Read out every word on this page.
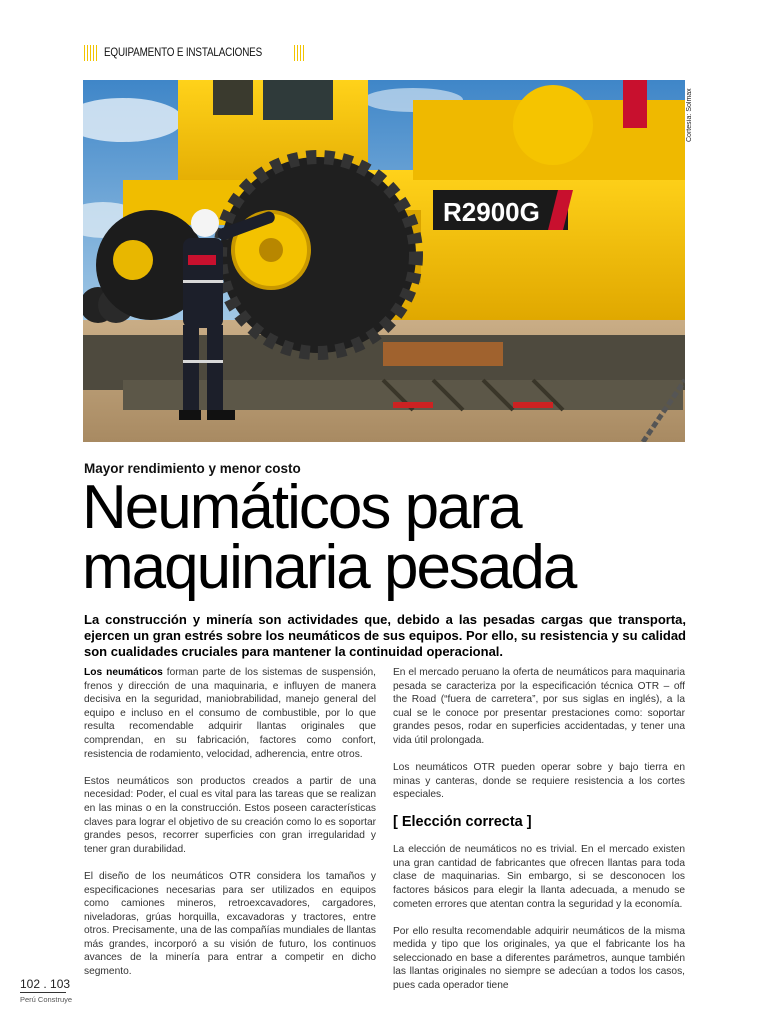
EQUIPAMENTO E INSTALACIONES
R2900G
Cortesía: Solmax
Mayor rendimiento y menor costo
Neumáticos para
maquinaria pesada
La construcción y minería son actividades que, debido a las pesadas cargas que transporta, ejercen un gran estrés sobre los neumáticos de sus equipos. Por ello, su resistencia y su calidad son cualidades cruciales para mantener la continuidad operacional.

Los neumáticos forman parte de los sistemas de suspensión, frenos y dirección de una maquinaria, e influyen de manera decisiva en la seguridad, maniobrabilidad, manejo general del equipo e incluso en el consumo de combustible, por lo que resulta recomendable adquirir llantas originales que comprendan, en su fabricación, factores como confort, resistencia de rodamiento, velocidad, adherencia, entre otros.

Estos neumáticos son productos creados a partir de una necesidad: Poder, el cual es vital para las tareas que se realizan en las minas o en la construcción. Estos poseen características claves para lograr el objetivo de su creación como lo es soportar grandes pesos, recorrer superficies con gran irregularidad y tener gran durabilidad.

El diseño de los neumáticos OTR considera los tamaños y especificaciones necesarias para ser utilizados en equipos como camiones mineros, retroexcavadores, cargadores, niveladoras, grúas horquilla, excavadoras y tractores, entre otros. Precisamente, una de las compañías mundiales de llantas más grandes, incorporó a su visión de futuro, los continuos avances de la minería para entrar a competir en dicho segmento.

En el mercado peruano la oferta de neumáticos para maquinaria pesada se caracteriza por la especificación técnica OTR – off the Road (“fuera de carretera”, por sus siglas en inglés), a la cual se le conoce por presentar prestaciones como: soportar grandes pesos, rodar en superficies accidentadas, y tener una vida útil prolongada.

Los neumáticos OTR pueden operar sobre y bajo tierra en minas y canteras, donde se requiere resistencia a los cortes especiales.

[ Elección correcta ]

La elección de neumáticos no es trivial. En el mercado existen una gran cantidad de fabricantes que ofrecen llantas para toda clase de maquinarias. Sin embargo, si se desconocen los factores básicos para elegir la llanta adecuada, a menudo se cometen errores que atentan contra la seguridad y la economía.

Por ello resulta recomendable adquirir neumáticos de la misma medida y tipo que los originales, ya que el fabricante los ha seleccionado en base a diferentes parámetros, aunque también las llantas originales no siempre se adecúan a todos los casos, pues cada operador tiene

102 . 103
Perú Construye
